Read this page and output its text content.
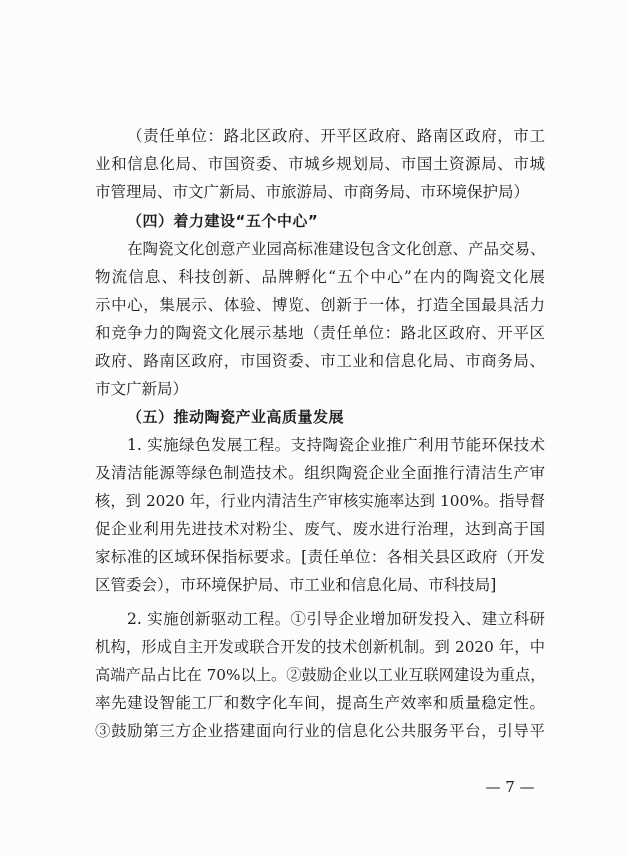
（责任单位：路北区政府、开平区政府、路南区政府，市工
业和信息化局、市国资委、市城乡规划局、市国土资源局、市城
市管理局、市文广新局、市旅游局、市商务局、市环境保护局）
（四）着力建设“五个中心”
在陶瓷文化创意产业园高标准建设包含文化创意、产品交易、
物流信息、科技创新、品牌孵化“五个中心”在内的陶瓷文化展
示中心，集展示、体验、博览、创新于一体，打造全国最具活力
和竞争力的陶瓷文化展示基地（责任单位：路北区政府、开平区
政府、路南区政府，市国资委、市工业和信息化局、市商务局、
市文广新局）
（五）推动陶瓷产业高质量发展
1. 实施绿色发展工程。支持陶瓷企业推广利用节能环保技术
及清洁能源等绿色制造技术。组织陶瓷企业全面推行清洁生产审
核，到 2020 年，行业内清洁生产审核实施率达到 100%。指导督
促企业利用先进技术对粉尘、废气、废水进行治理，达到高于国
家标准的区域环保指标要求。[责任单位：各相关县区政府（开发
区管委会），市环境保护局、市工业和信息化局、市科技局]
2. 实施创新驱动工程。①引导企业增加研发投入、建立科研
机构，形成自主开发或联合开发的技术创新机制。到 2020 年，中
高端产品占比在 70%以上。②鼓励企业以工业互联网建设为重点，
率先建设智能工厂和数字化车间，提高生产效率和质量稳定性。
③鼓励第三方企业搭建面向行业的信息化公共服务平台，引导平
— 7 —
